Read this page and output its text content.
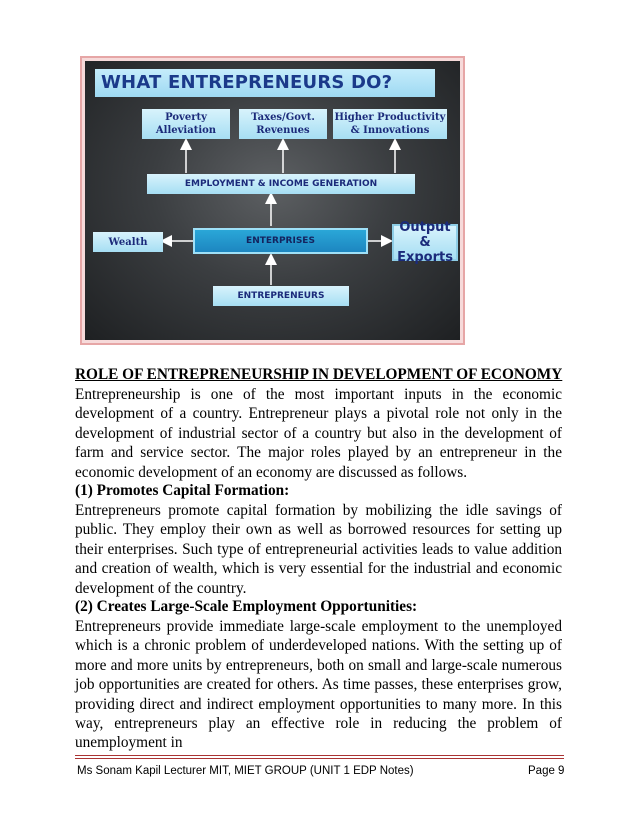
WHAT ENTREPRENEURS DO?
Poverty Alleviation
Taxes/Govt. Revenues
Higher Productivity & Innovations
EMPLOYMENT & INCOME GENERATION
Wealth	ENTERPRISES
Output & Exports
ENTREPRENEURS
ROLE OF ENTREPRENEURSHIP IN DEVELOPMENT OF ECONOMY

Entrepreneurship is one of the most important inputs in the economic development of a country. Entrepreneur plays a pivotal role not only in the development of industrial sector of a country but also in the development of farm and service sector. The major roles played by an entrepreneur in the economic development of an economy are discussed as follows.

(1) Promotes Capital Formation:

Entrepreneurs promote capital formation by mobilizing the idle savings of public. They employ their own as well as borrowed resources for setting up their enterprises. Such type of entrepreneurial activities leads to value addition and creation of wealth, which is very essential for the industrial and economic development of the country.

(2) Creates Large-Scale Employment Opportunities:

Entrepreneurs provide immediate large-scale employment to the unemployed which is a chronic problem of underdeveloped nations. With the setting up of more and more units by entrepreneurs, both on small and large-scale numerous job opportunities are created for others. As time passes, these enterprises grow, providing direct and indirect employment opportunities to many more. In this way, entrepreneurs play an effective role in reducing the problem of unemployment in

Ms Sonam Kapil Lecturer MIT, MIET GROUP (UNIT 1 EDP Notes)	Page 9
